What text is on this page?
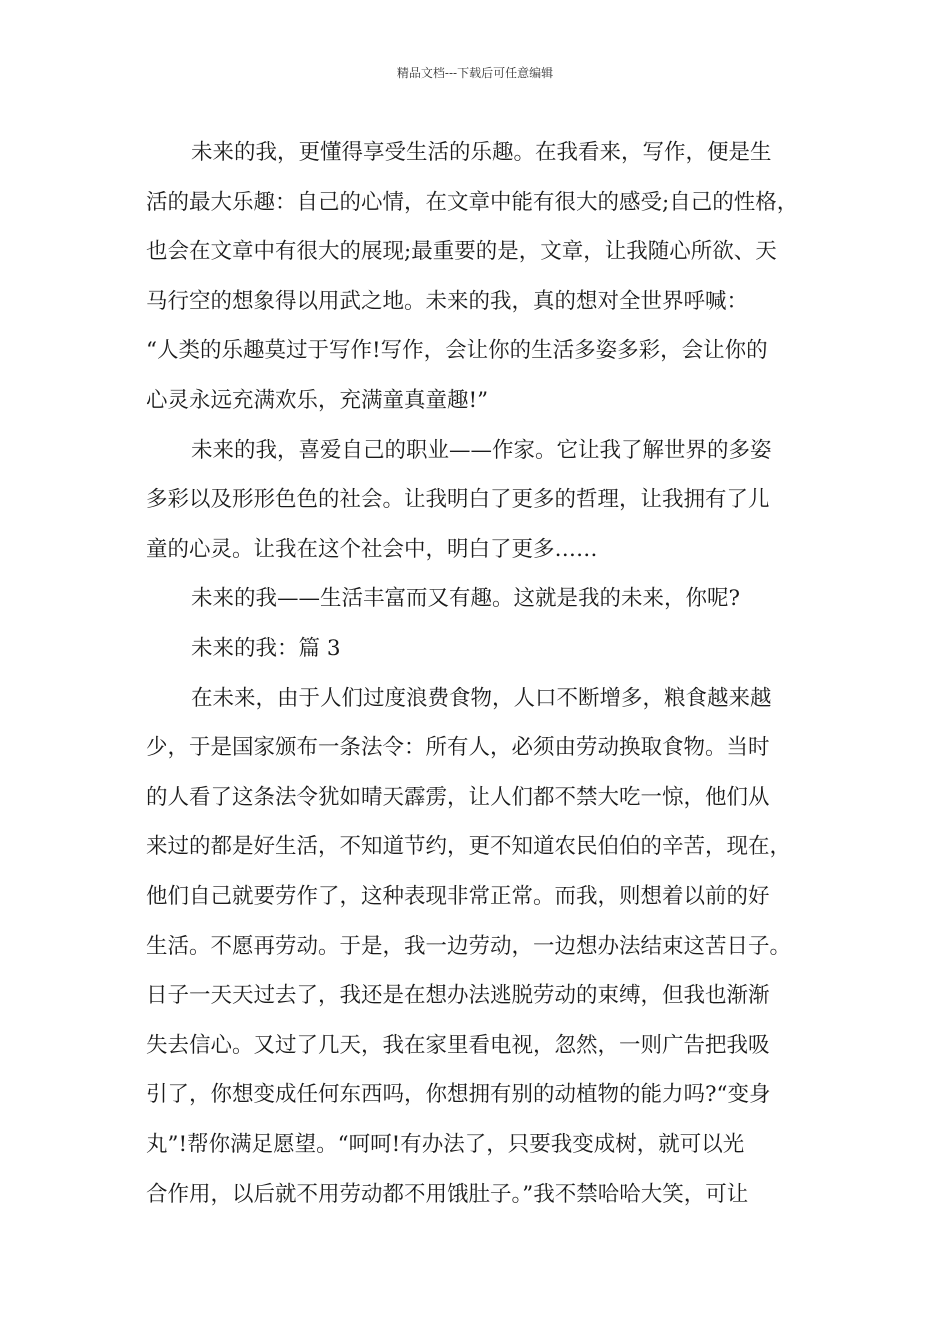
精品文档---下载后可任意编辑
未来的我，更懂得享受生活的乐趣。在我看来，写作，便是生
活的最大乐趣：自己的心情，在文章中能有很大的感受;自己的性格，
也会在文章中有很大的展现;最重要的是，文章，让我随心所欲、天
马行空的想象得以用武之地。未来的我，真的想对全世界呼喊：
“人类的乐趣莫过于写作!写作，会让你的生活多姿多彩，会让你的
心灵永远充满欢乐，充满童真童趣!”
未来的我，喜爱自己的职业——作家。它让我了解世界的多姿
多彩以及形形色色的社会。让我明白了更多的哲理，让我拥有了儿
童的心灵。让我在这个社会中，明白了更多……
未来的我——生活丰富而又有趣。这就是我的未来，你呢?
未来的我：篇 3
在未来，由于人们过度浪费食物，人口不断增多，粮食越来越
少，于是国家颁布一条法令：所有人，必须由劳动换取食物。当时
的人看了这条法令犹如晴天霹雳，让人们都不禁大吃一惊，他们从
来过的都是好生活，不知道节约，更不知道农民伯伯的辛苦，现在，
他们自己就要劳作了，这种表现非常正常。而我，则想着以前的好
生活。不愿再劳动。于是，我一边劳动，一边想办法结束这苦日子。
日子一天天过去了，我还是在想办法逃脱劳动的束缚，但我也渐渐
失去信心。又过了几天，我在家里看电视，忽然，一则广告把我吸
引了，你想变成任何东西吗，你想拥有别的动植物的能力吗?“变身
丸”!帮你满足愿望。“呵呵!有办法了，只要我变成树，就可以光
合作用，以后就不用劳动都不用饿肚子。”我不禁哈哈大笑，可让
